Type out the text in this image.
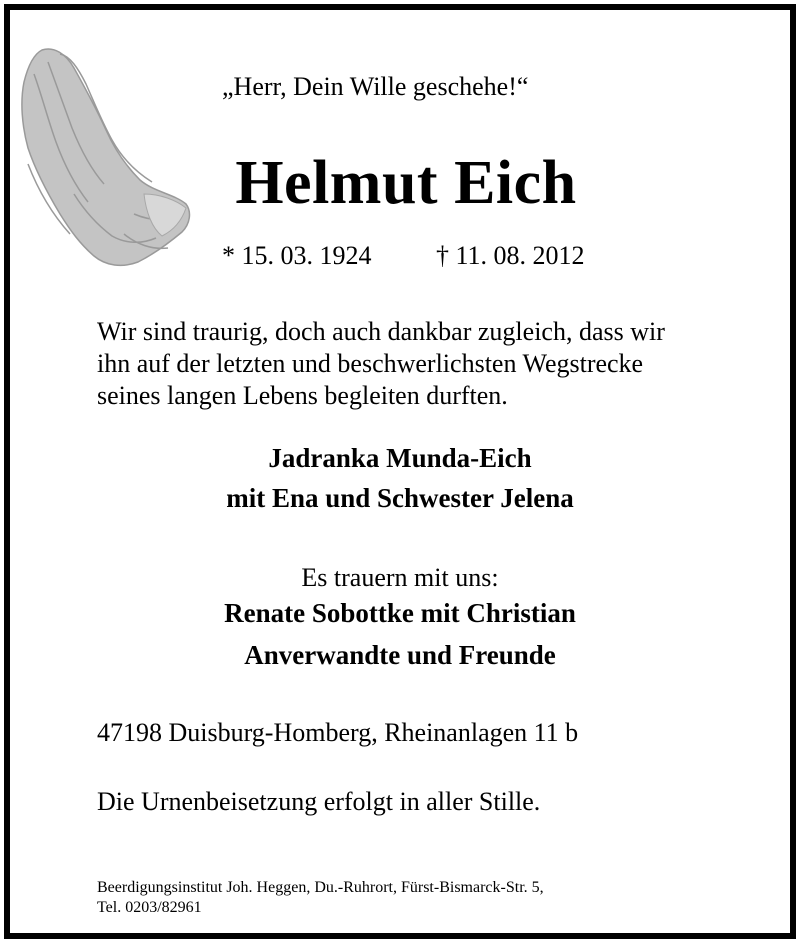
„Herr, Dein Wille geschehe!“
Helmut Eich
* 15. 03. 1924 † 11. 08. 2012
Wir sind traurig, doch auch dankbar zugleich, dass wir
ihn auf der letzten und beschwerlichsten Wegstrecke
seines langen Lebens begleiten durften.
Jadranka Munda-Eich
mit Ena und Schwester Jelena
Es trauern mit uns:
Renate Sobottke mit Christian
Anverwandte und Freunde
47198 Duisburg-Homberg, Rheinanlagen 11 b
Die Urnenbeisetzung erfolgt in aller Stille.
Beerdigungsinstitut Joh. Heggen, Du.-Ruhrort, Fürst-Bismarck-Str. 5,
Tel. 0203/82961
